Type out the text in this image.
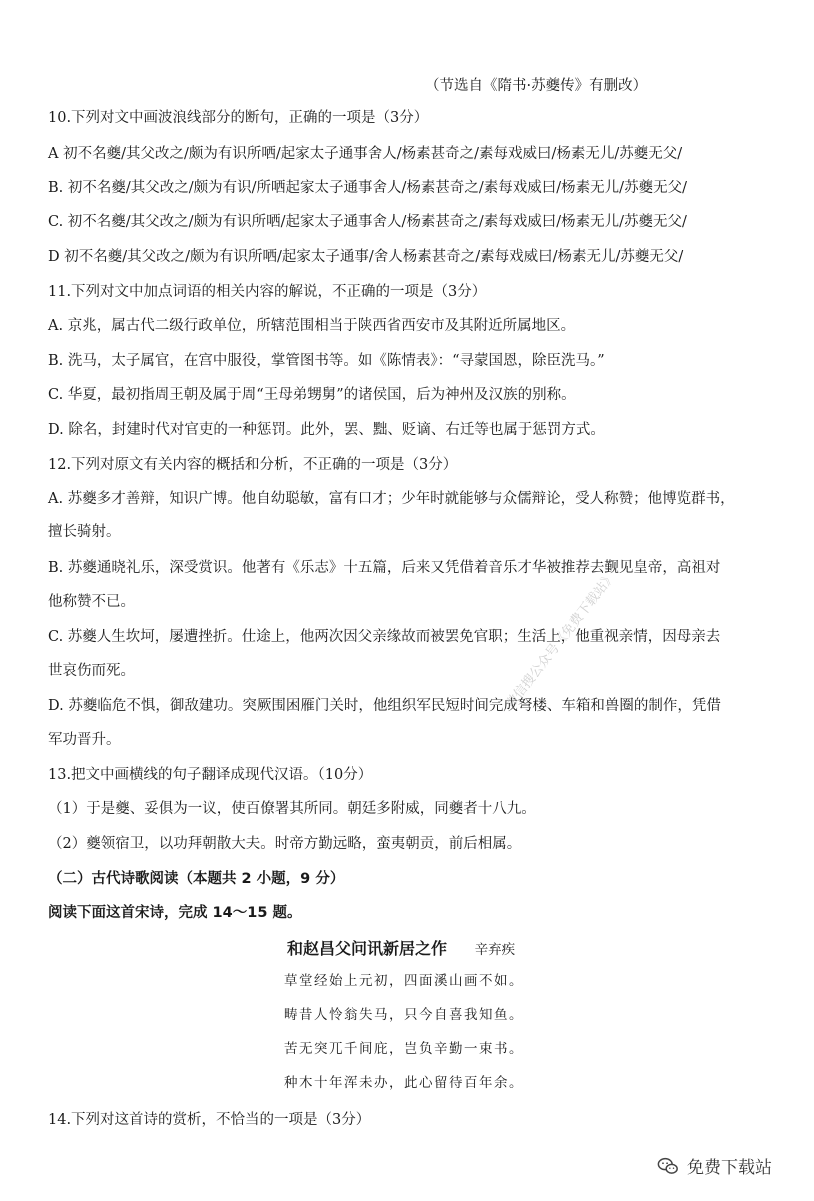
（节选自《隋书·苏夔传》有删改）
10.下列对文中画波浪线部分的断句，正确的一项是（3分）
A 初不名夔/其父改之/颇为有识所哂/起家太子通事舍人/杨素甚奇之/素每戏威曰/杨素无儿/苏夔无父/
B. 初不名夔/其父改之/颇为有识/所哂起家太子通事舍人/杨素甚奇之/素每戏威曰/杨素无儿/苏夔无父/
C. 初不名夔/其父改之/颇为有识所哂/起家太子通事舍人/杨素甚奇之/素每戏威曰/杨素无儿/苏夔无父/
D 初不名夔/其父改之/颇为有识所哂/起家太子通事/舍人杨素甚奇之/素每戏威曰/杨素无儿/苏夔无父/
11.下列对文中加点词语的相关内容的解说，不正确的一项是（3分）
A. 京兆，属古代二级行政单位，所辖范围相当于陕西省西安市及其附近所属地区。
B. 洗马，太子属官，在宫中服役，掌管图书等。如《陈情表》：“寻蒙国恩，除臣洗马。”
C. 华夏，最初指周王朝及属于周“王母弟甥舅”的诸侯国，后为神州及汉族的别称。
D. 除名，封建时代对官吏的一种惩罚。此外，罢、黜、贬谪、右迁等也属于惩罚方式。
12.下列对原文有关内容的概括和分析，不正确的一项是（3分）
A. 苏夔多才善辩，知识广博。他自幼聪敏，富有口才；少年时就能够与众儒辩论，受人称赞；他博览群书，
擅长骑射。
B. 苏夔通晓礼乐，深受赏识。他著有《乐志》十五篇，后来又凭借着音乐才华被推荐去觐见皇帝，高祖对
他称赞不已。
C. 苏夔人生坎坷，屡遭挫折。仕途上，他两次因父亲缘故而被罢免官职；生活上，他重视亲情，因母亲去
世哀伤而死。
D. 苏夔临危不惧，御敌建功。突厥围困雁门关时，他组织军民短时间完成弩楼、车箱和兽圈的制作，凭借
军功晋升。
13.把文中画横线的句子翻译成现代汉语。（10分）
（1）于是夔、妥俱为一议，使百僚署其所同。朝廷多附威，同夔者十八九。
（2）夔领宿卫，以功拜朝散大夫。时帝方勤远略，蛮夷朝贡，前后相属。
（二）古代诗歌阅读（本题共 2 小题，9 分）
阅读下面这首宋诗，完成 14～15 题。
和赵昌父问讯新居之作 辛弃疾
草堂经始上元初，四面溪山画不如。
畴昔人怜翁失马，只今自喜我知鱼。
苦无突兀千间庇，岂负辛勤一束书。
种木十年浑未办，此心留待百年余。
14.下列对这首诗的赏析，不恰当的一项是（3分）
微信搜公众号《免费下载站》
免费下载站
